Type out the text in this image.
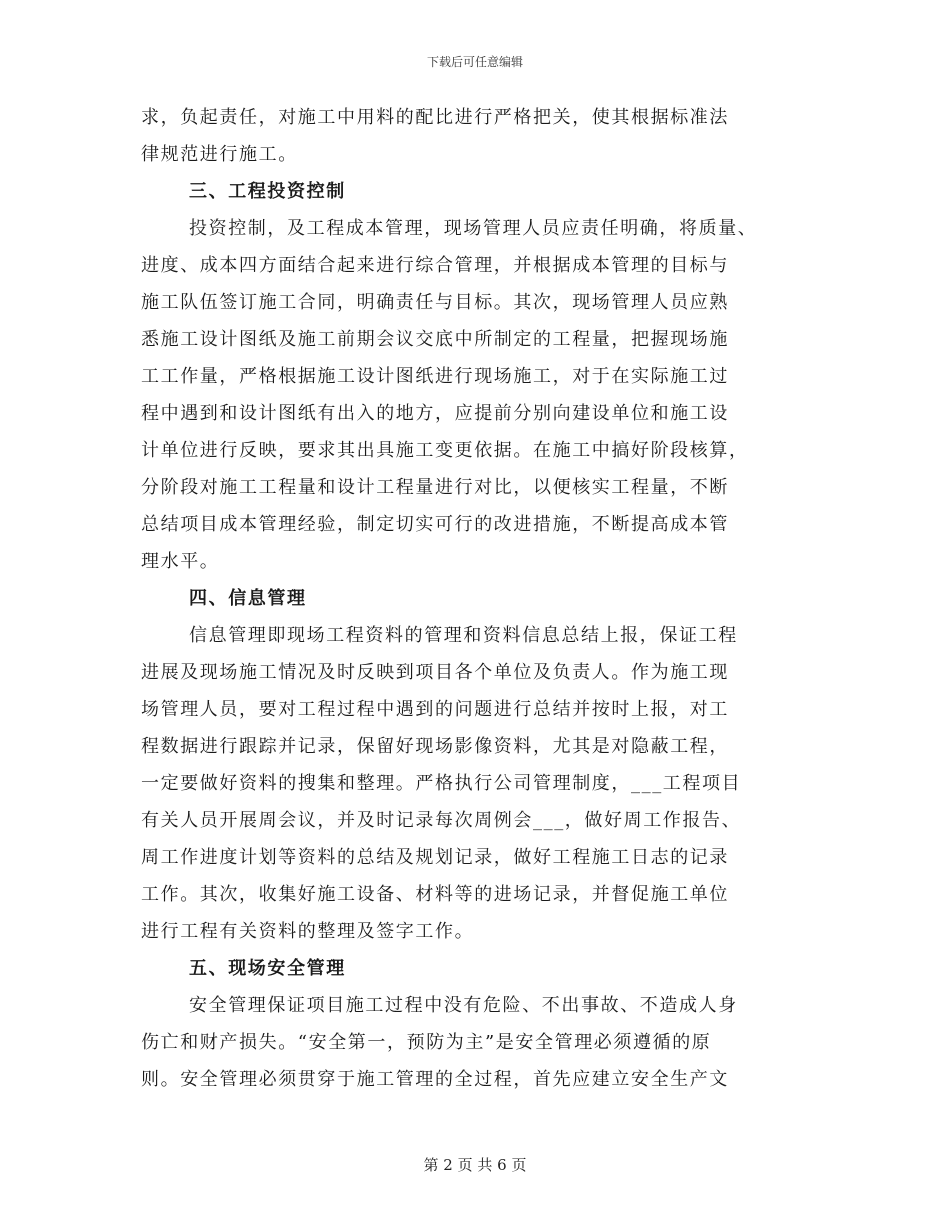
下载后可任意编辑
求，负起责任，对施工中用料的配比进行严格把关，使其根据标准法
律规范进行施工。
三、工程投资控制
投资控制，及工程成本管理，现场管理人员应责任明确，将质量、
进度、成本四方面结合起来进行综合管理，并根据成本管理的目标与
施工队伍签订施工合同，明确责任与目标。其次，现场管理人员应熟
悉施工设计图纸及施工前期会议交底中所制定的工程量，把握现场施
工工作量，严格根据施工设计图纸进行现场施工，对于在实际施工过
程中遇到和设计图纸有出入的地方，应提前分别向建设单位和施工设
计单位进行反映，要求其出具施工变更依据。在施工中搞好阶段核算，
分阶段对施工工程量和设计工程量进行对比，以便核实工程量，不断
总结项目成本管理经验，制定切实可行的改进措施，不断提高成本管
理水平。
四、信息管理
信息管理即现场工程资料的管理和资料信息总结上报，保证工程
进展及现场施工情况及时反映到项目各个单位及负责人。作为施工现
场管理人员，要对工程过程中遇到的问题进行总结并按时上报，对工
程数据进行跟踪并记录，保留好现场影像资料，尤其是对隐蔽工程，
一定要做好资料的搜集和整理。严格执行公司管理制度，___工程项目
有关人员开展周会议，并及时记录每次周例会___，做好周工作报告、
周工作进度计划等资料的总结及规划记录，做好工程施工日志的记录
工作。其次，收集好施工设备、材料等的进场记录，并督促施工单位
进行工程有关资料的整理及签字工作。
五、现场安全管理
安全管理保证项目施工过程中没有危险、不出事故、不造成人身
伤亡和财产损失。“安全第一，预防为主”是安全管理必须遵循的原
则。安全管理必须贯穿于施工管理的全过程，首先应建立安全生产文
第 2 页 共 6 页
